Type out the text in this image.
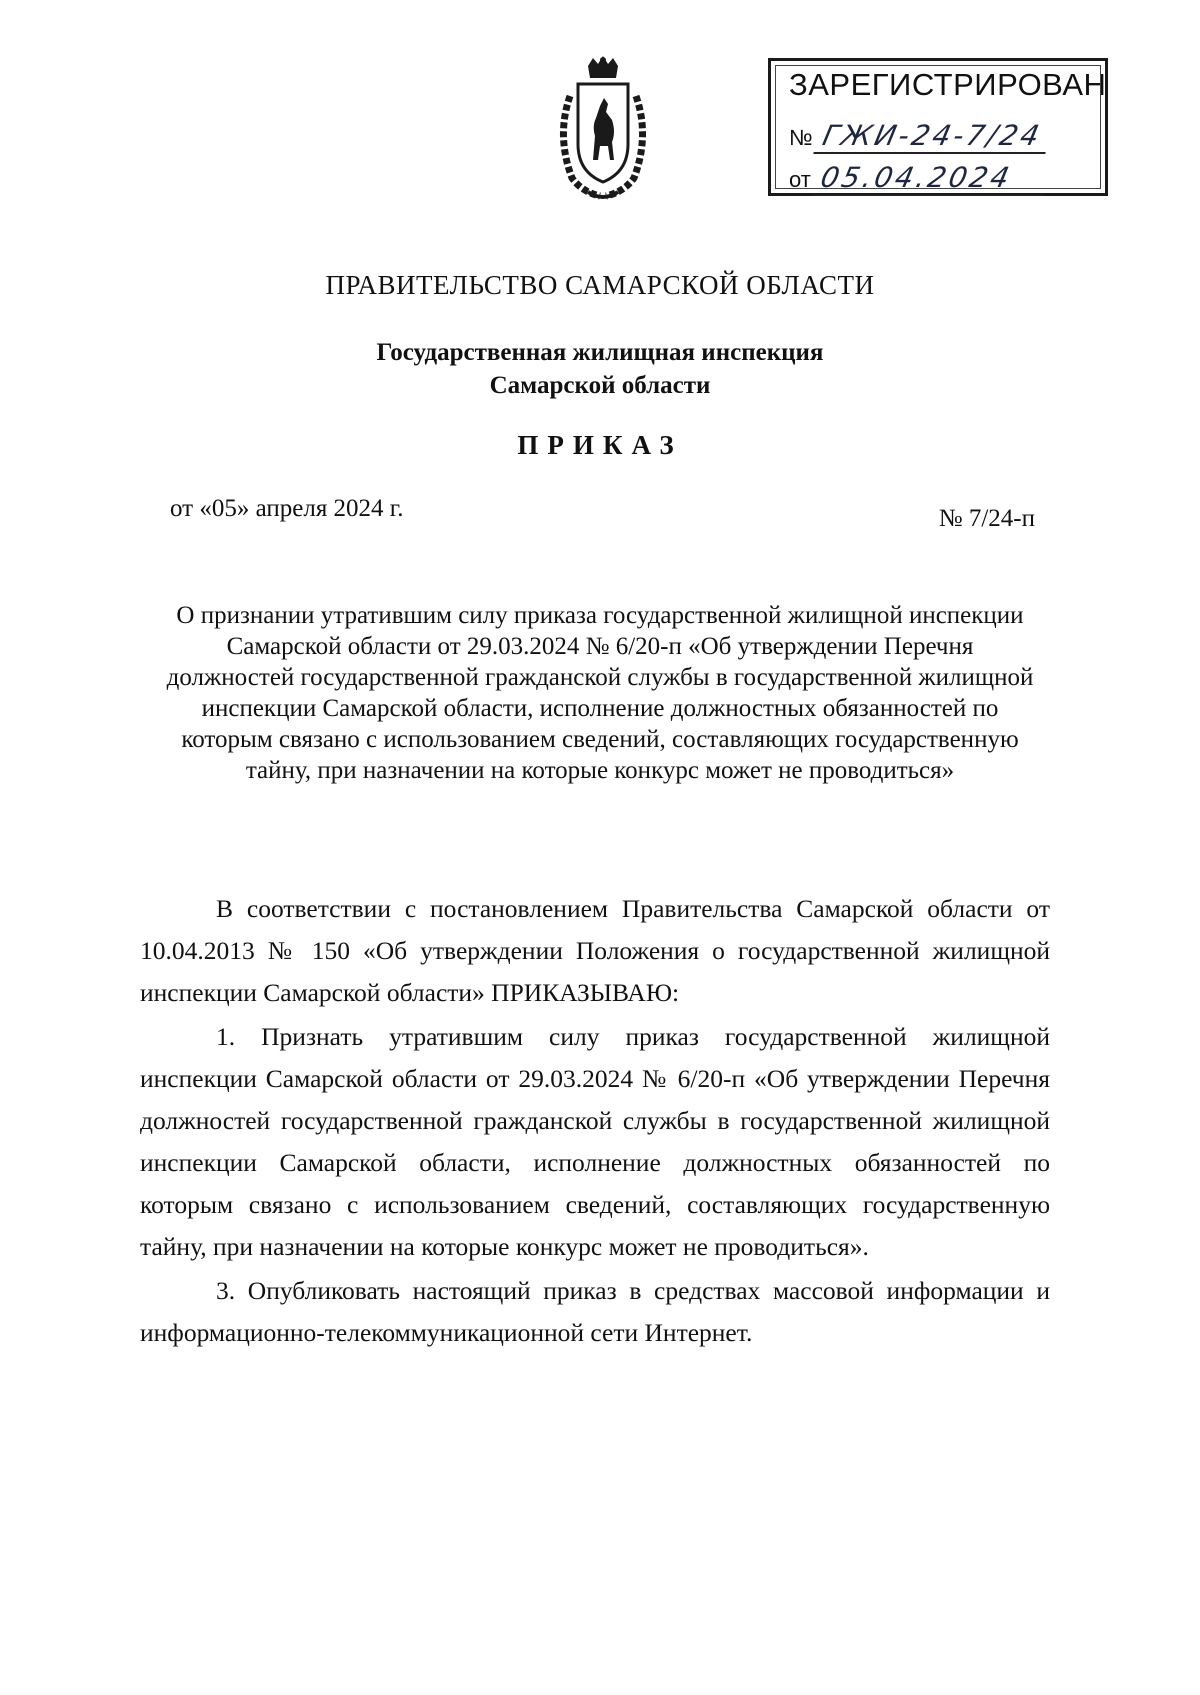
ЗАРЕГИСТРИРОВАН
№ ГЖИ-24-7/24
от 05.04.2024
ПРАВИТЕЛЬСТВО САМАРСКОЙ ОБЛАСТИ
Государственная жилищная инспекция
Самарской области
ПРИКАЗ
от «05» апреля 2024 г.	№ 7/24-п
О признании утратившим силу приказа государственной жилищной инспекции Самарской области от 29.03.2024 № 6/20-п «Об утверждении Перечня должностей государственной гражданской службы в государственной жилищной инспекции Самарской области, исполнение должностных обязанностей по которым связано с использованием сведений, составляющих государственную тайну, при назначении на которые конкурс может не проводиться»

В соответствии с постановлением Правительства Самарской области от 10.04.2013 № 150 «Об утверждении Положения о государственной жилищной инспекции Самарской области» ПРИКАЗЫВАЮ:

1. Признать утратившим силу приказ государственной жилищной инспекции Самарской области от 29.03.2024 № 6/20-п «Об утверждении Перечня должностей государственной гражданской службы в государственной жилищной инспекции Самарской области, исполнение должностных обязанностей по которым связано с использованием сведений, составляющих государственную тайну, при назначении на которые конкурс может не проводиться».

3. Опубликовать настоящий приказ в средствах массовой информации и информационно-телекоммуникационной сети Интернет.
